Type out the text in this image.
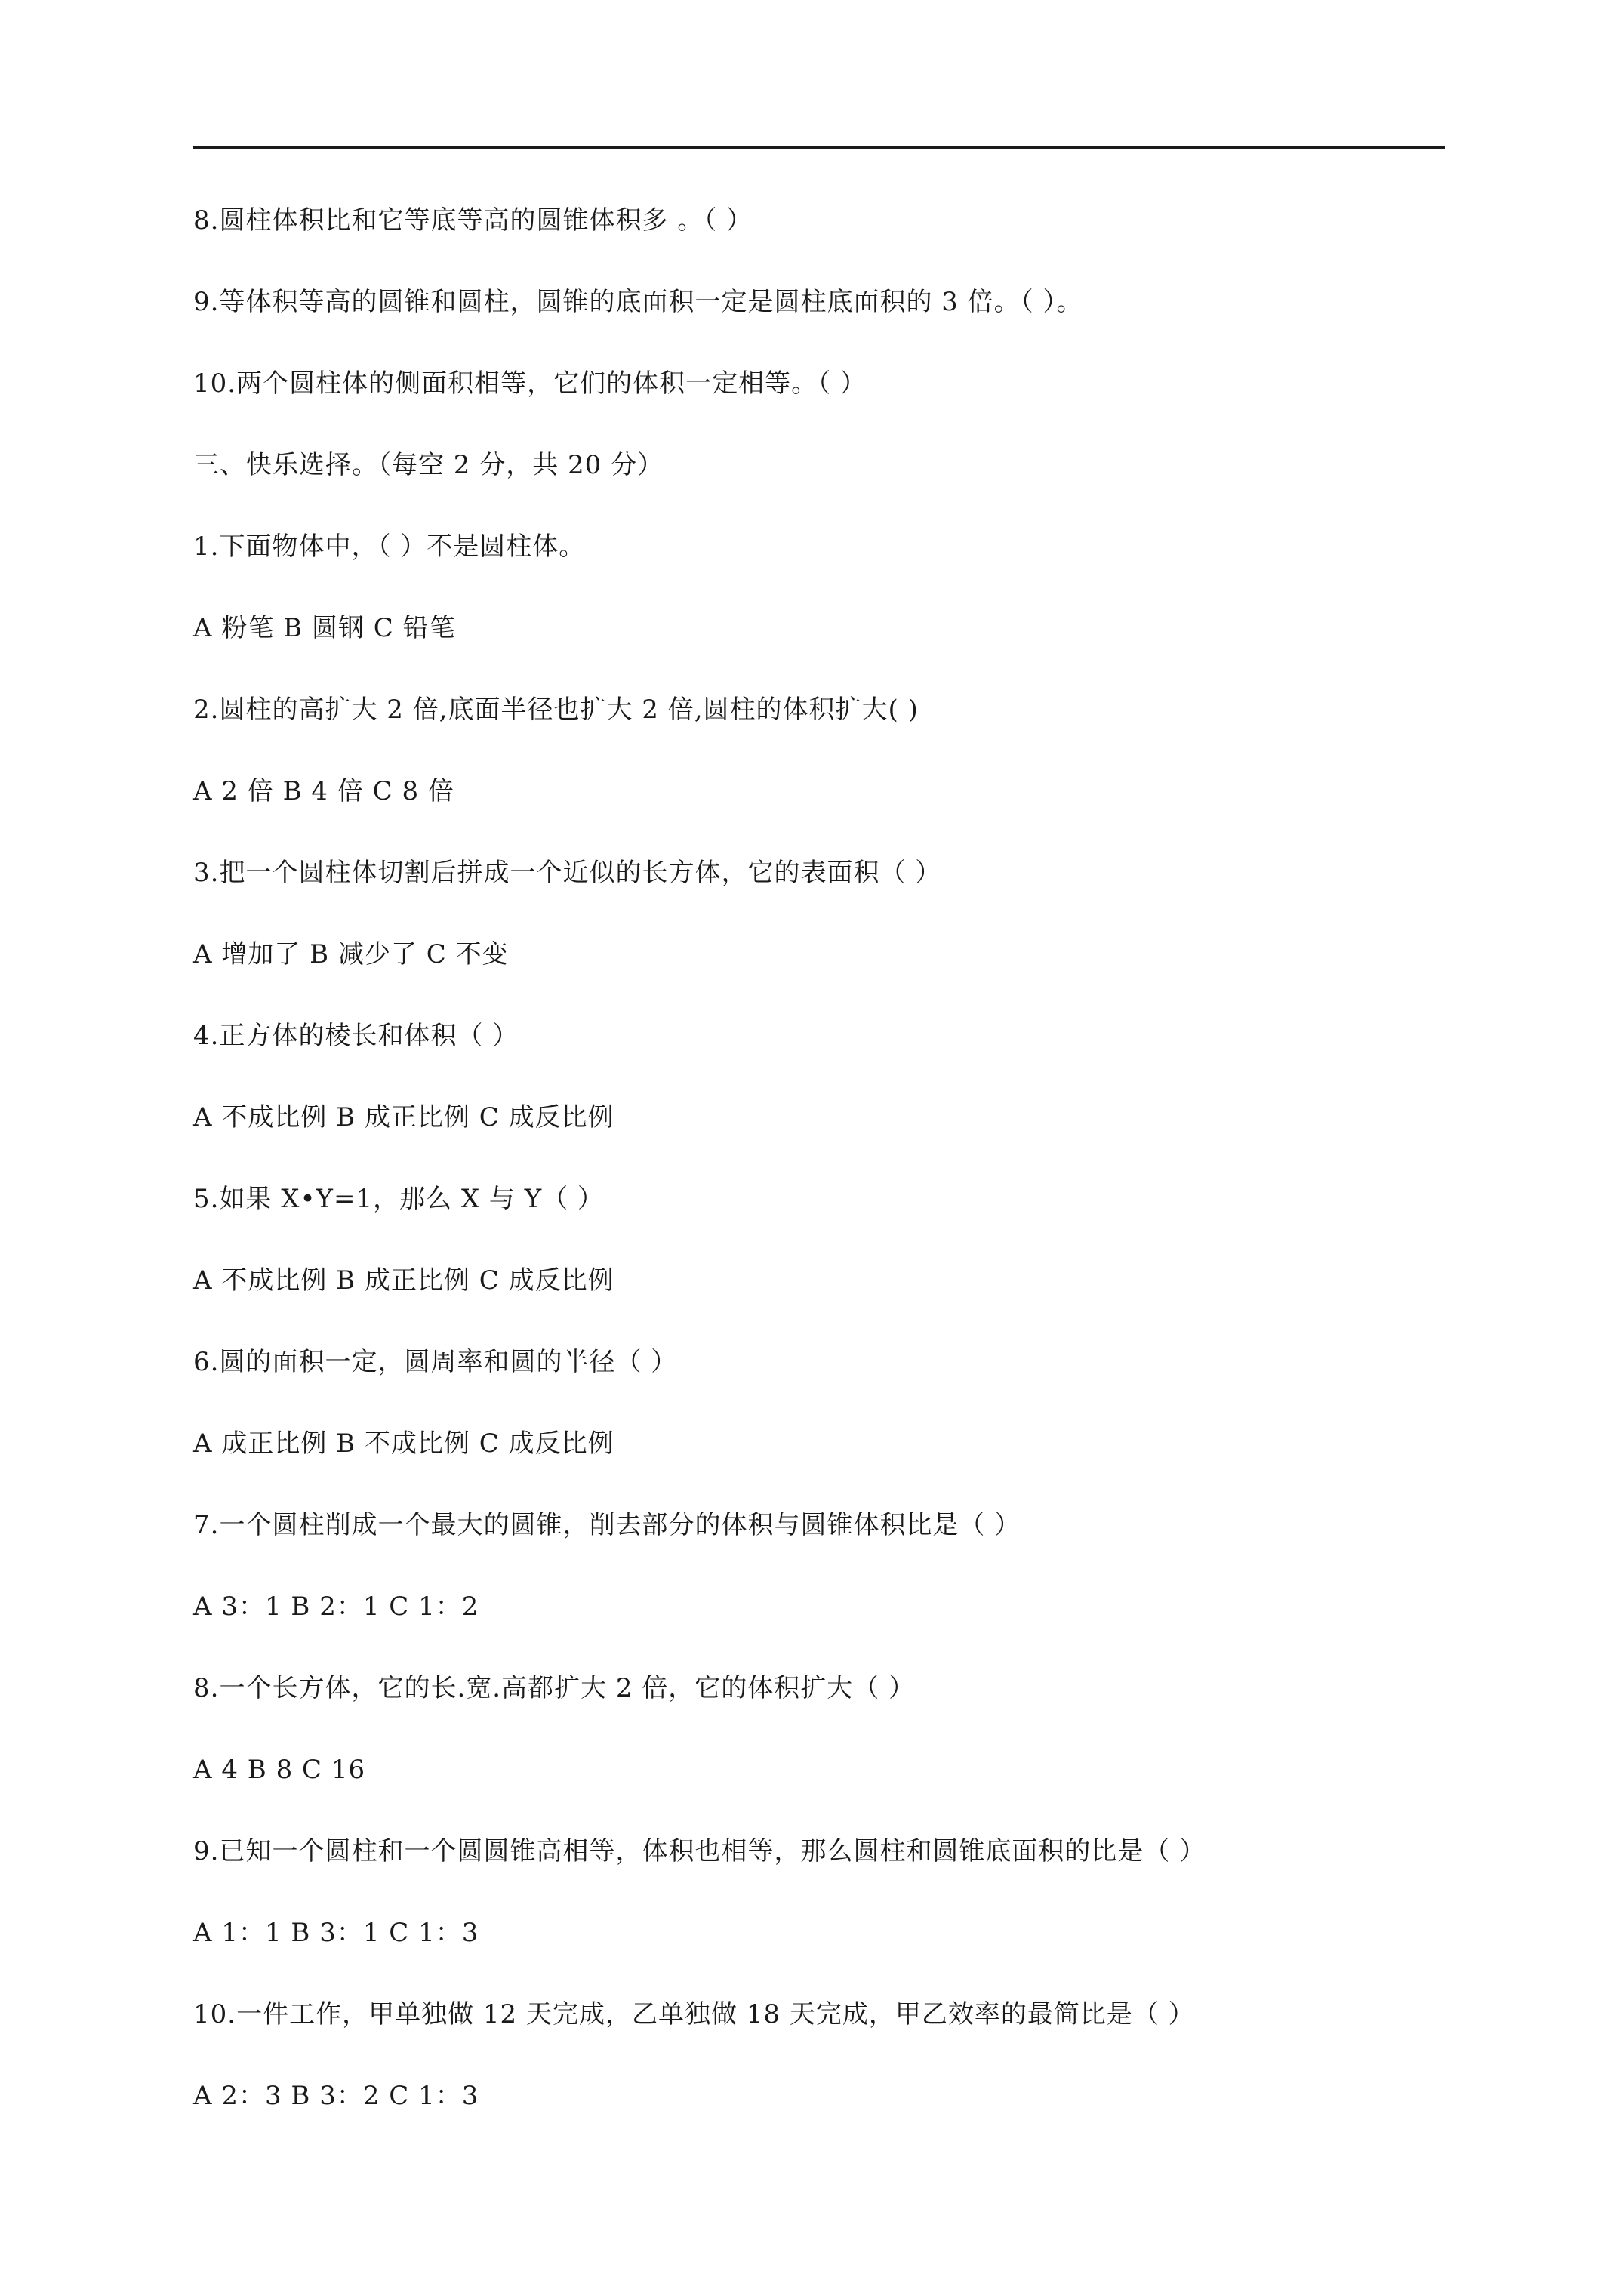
8.圆柱体积比和它等底等高的圆锥体积多 。（ ）
9.等体积等高的圆锥和圆柱，圆锥的底面积一定是圆柱底面积的 3 倍。（ ）。
10.两个圆柱体的侧面积相等，它们的体积一定相等。（ ）
三、快乐选择。（每空 2 分，共 20 分）
1.下面物体中，（ ）不是圆柱体。
A 粉笔 B 圆钢 C 铅笔
2.圆柱的高扩大 2 倍,底面半径也扩大 2 倍,圆柱的体积扩大( )
A 2 倍 B 4 倍 C 8 倍
3.把一个圆柱体切割后拼成一个近似的长方体，它的表面积（ ）
A 增加了 B 减少了 C 不变
4.正方体的棱长和体积（ ）
A 不成比例 B 成正比例 C 成反比例
5.如果 X•Y=1，那么 X 与 Y（ ）
A 不成比例 B 成正比例 C 成反比例
6.圆的面积一定，圆周率和圆的半径（ ）
A 成正比例 B 不成比例 C 成反比例
7.一个圆柱削成一个最大的圆锥，削去部分的体积与圆锥体积比是（ ）
A 3：1 B 2：1 C 1：2
8.一个长方体，它的长.宽.高都扩大 2 倍，它的体积扩大（ ）
A 4 B 8 C 16
9.已知一个圆柱和一个圆圆锥高相等，体积也相等，那么圆柱和圆锥底面积的比是（ ）
A 1：1 B 3：1 C 1：3
10.一件工作，甲单独做 12 天完成，乙单独做 18 天完成，甲乙效率的最简比是（ ）
A 2：3 B 3：2 C 1：3
